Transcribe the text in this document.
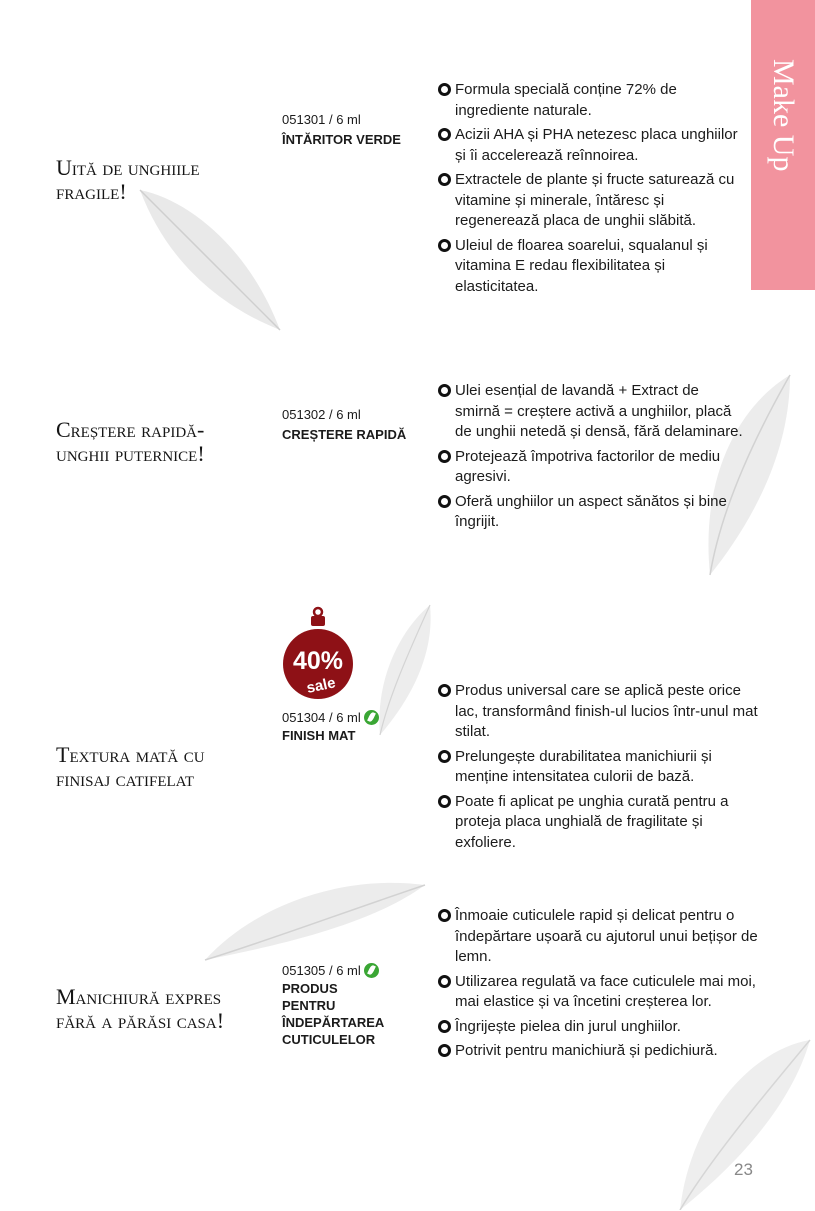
Make Up
Uită de unghiile fragile!
051301 / 6 ml
ÎNTĂRITOR VERDE
Formula specială conține 72% de ingrediente naturale.
Acizii AHA și PHA netezesc placa unghiilor și îi accelerează reînnoirea.
Extractele de plante și fructe saturează cu vitamine și minerale, întăresc și regenerează placa de unghii slăbită.
Uleiul de floarea soarelui, squalanul și vitamina E redau flexibilitatea și elasticitatea.
Creștere rapidă- unghii puternice!
051302 / 6 ml
CREȘTERE RAPIDĂ
Ulei esențial de lavandă + Extract de smirnă = creștere activă a unghiilor, placă de unghii netedă și densă, fără delaminare.
Protejează împotriva factorilor de mediu agresivi.
Oferă unghiilor un aspect sănătos și bine îngrijit.
40%
sale
Textura mată cu finisaj catifelat
051304 / 6 ml
FINISH MAT
Produs universal care se aplică peste orice lac, transformând finish-ul lucios într-unul mat stilat.
Prelungește durabilitatea manichiurii și menține intensitatea culorii de bază.
Poate fi aplicat pe unghia curată pentru a proteja placa unghială de fragilitate și exfoliere.
Manichiură expres fără a părăsi casa!
051305 / 6 ml
PRODUS PENTRU ÎNDEPĂRTAREA CUTICULELOR
Înmoaie cuticulele rapid și delicat pentru o îndepărtare ușoară cu ajutorul unui bețișor de lemn.
Utilizarea regulată va face cuticulele mai moi, mai elastice și va încetini creșterea lor.
Îngrijește pielea din jurul unghiilor.
Potrivit pentru manichiură și pedichiură.
23
